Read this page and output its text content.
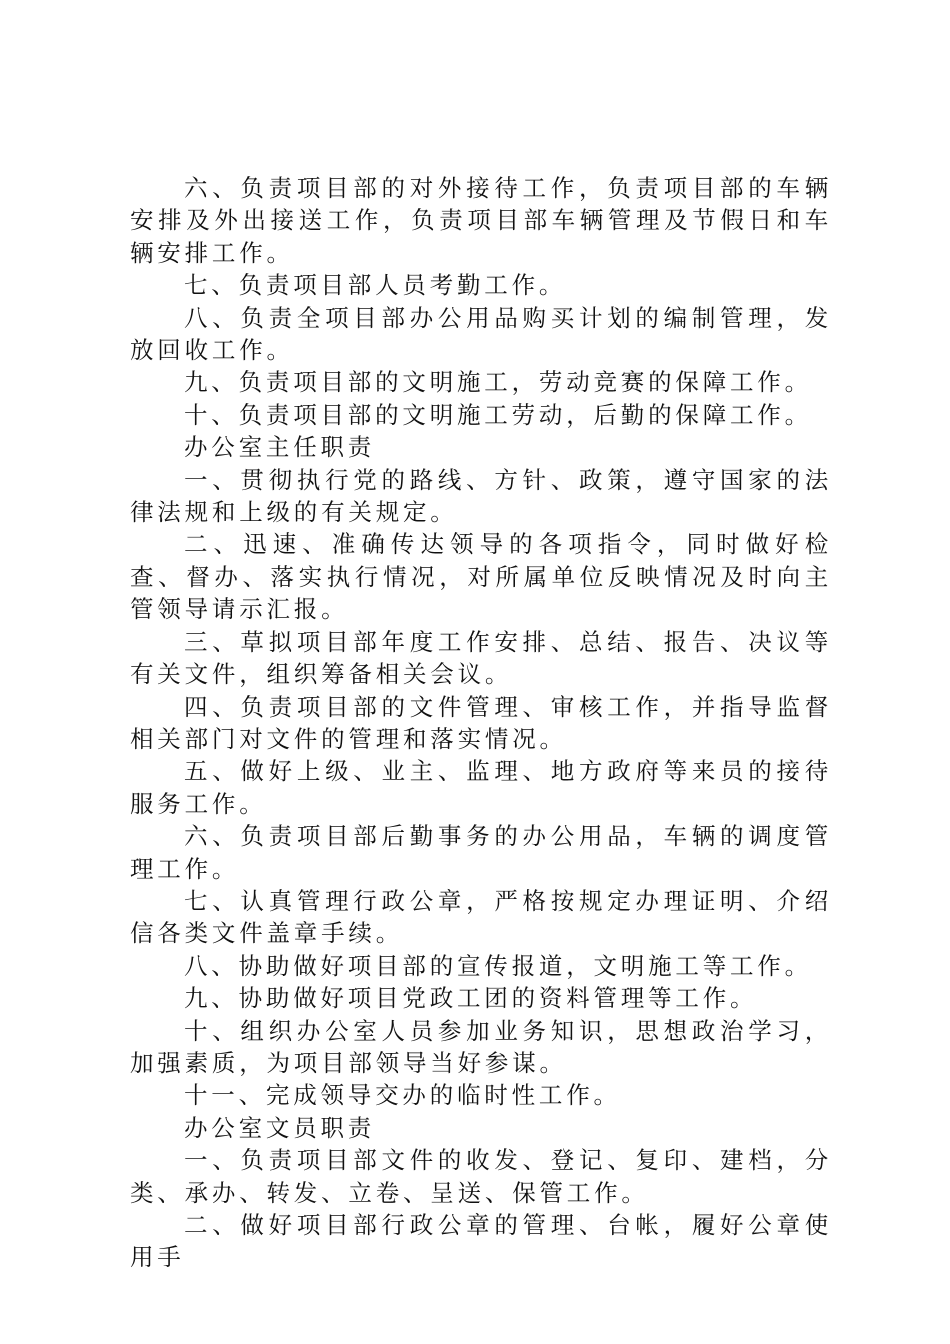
六、负责项目部的对外接待工作，负责项目部的车辆安排及外出接送工作，负责项目部车辆管理及节假日和车辆安排工作。

七、负责项目部人员考勤工作。

八、负责全项目部办公用品购买计划的编制管理，发放回收工作。

九、负责项目部的文明施工，劳动竞赛的保障工作。

十、负责项目部的文明施工劳动，后勤的保障工作。

办公室主任职责

一、贯彻执行党的路线、方针、政策，遵守国家的法律法规和上级的有关规定。

二、迅速、准确传达领导的各项指令，同时做好检查、督办、落实执行情况，对所属单位反映情况及时向主管领导请示汇报。

三、草拟项目部年度工作安排、总结、报告、决议等有关文件，组织筹备相关会议。

四、负责项目部的文件管理、审核工作，并指导监督相关部门对文件的管理和落实情况。

五、做好上级、业主、监理、地方政府等来员的接待服务工作。

六、负责项目部后勤事务的办公用品，车辆的调度管理工作。

七、认真管理行政公章，严格按规定办理证明、介绍信各类文件盖章手续。

八、协助做好项目部的宣传报道，文明施工等工作。

九、协助做好项目党政工团的资料管理等工作。

十、组织办公室人员参加业务知识，思想政治学习，加强素质，为项目部领导当好参谋。

十一、完成领导交办的临时性工作。

办公室文员职责

一、负责项目部文件的收发、登记、复印、建档，分类、承办、转发、立卷、呈送、保管工作。

二、做好项目部行政公章的管理、台帐，履好公章使用手
